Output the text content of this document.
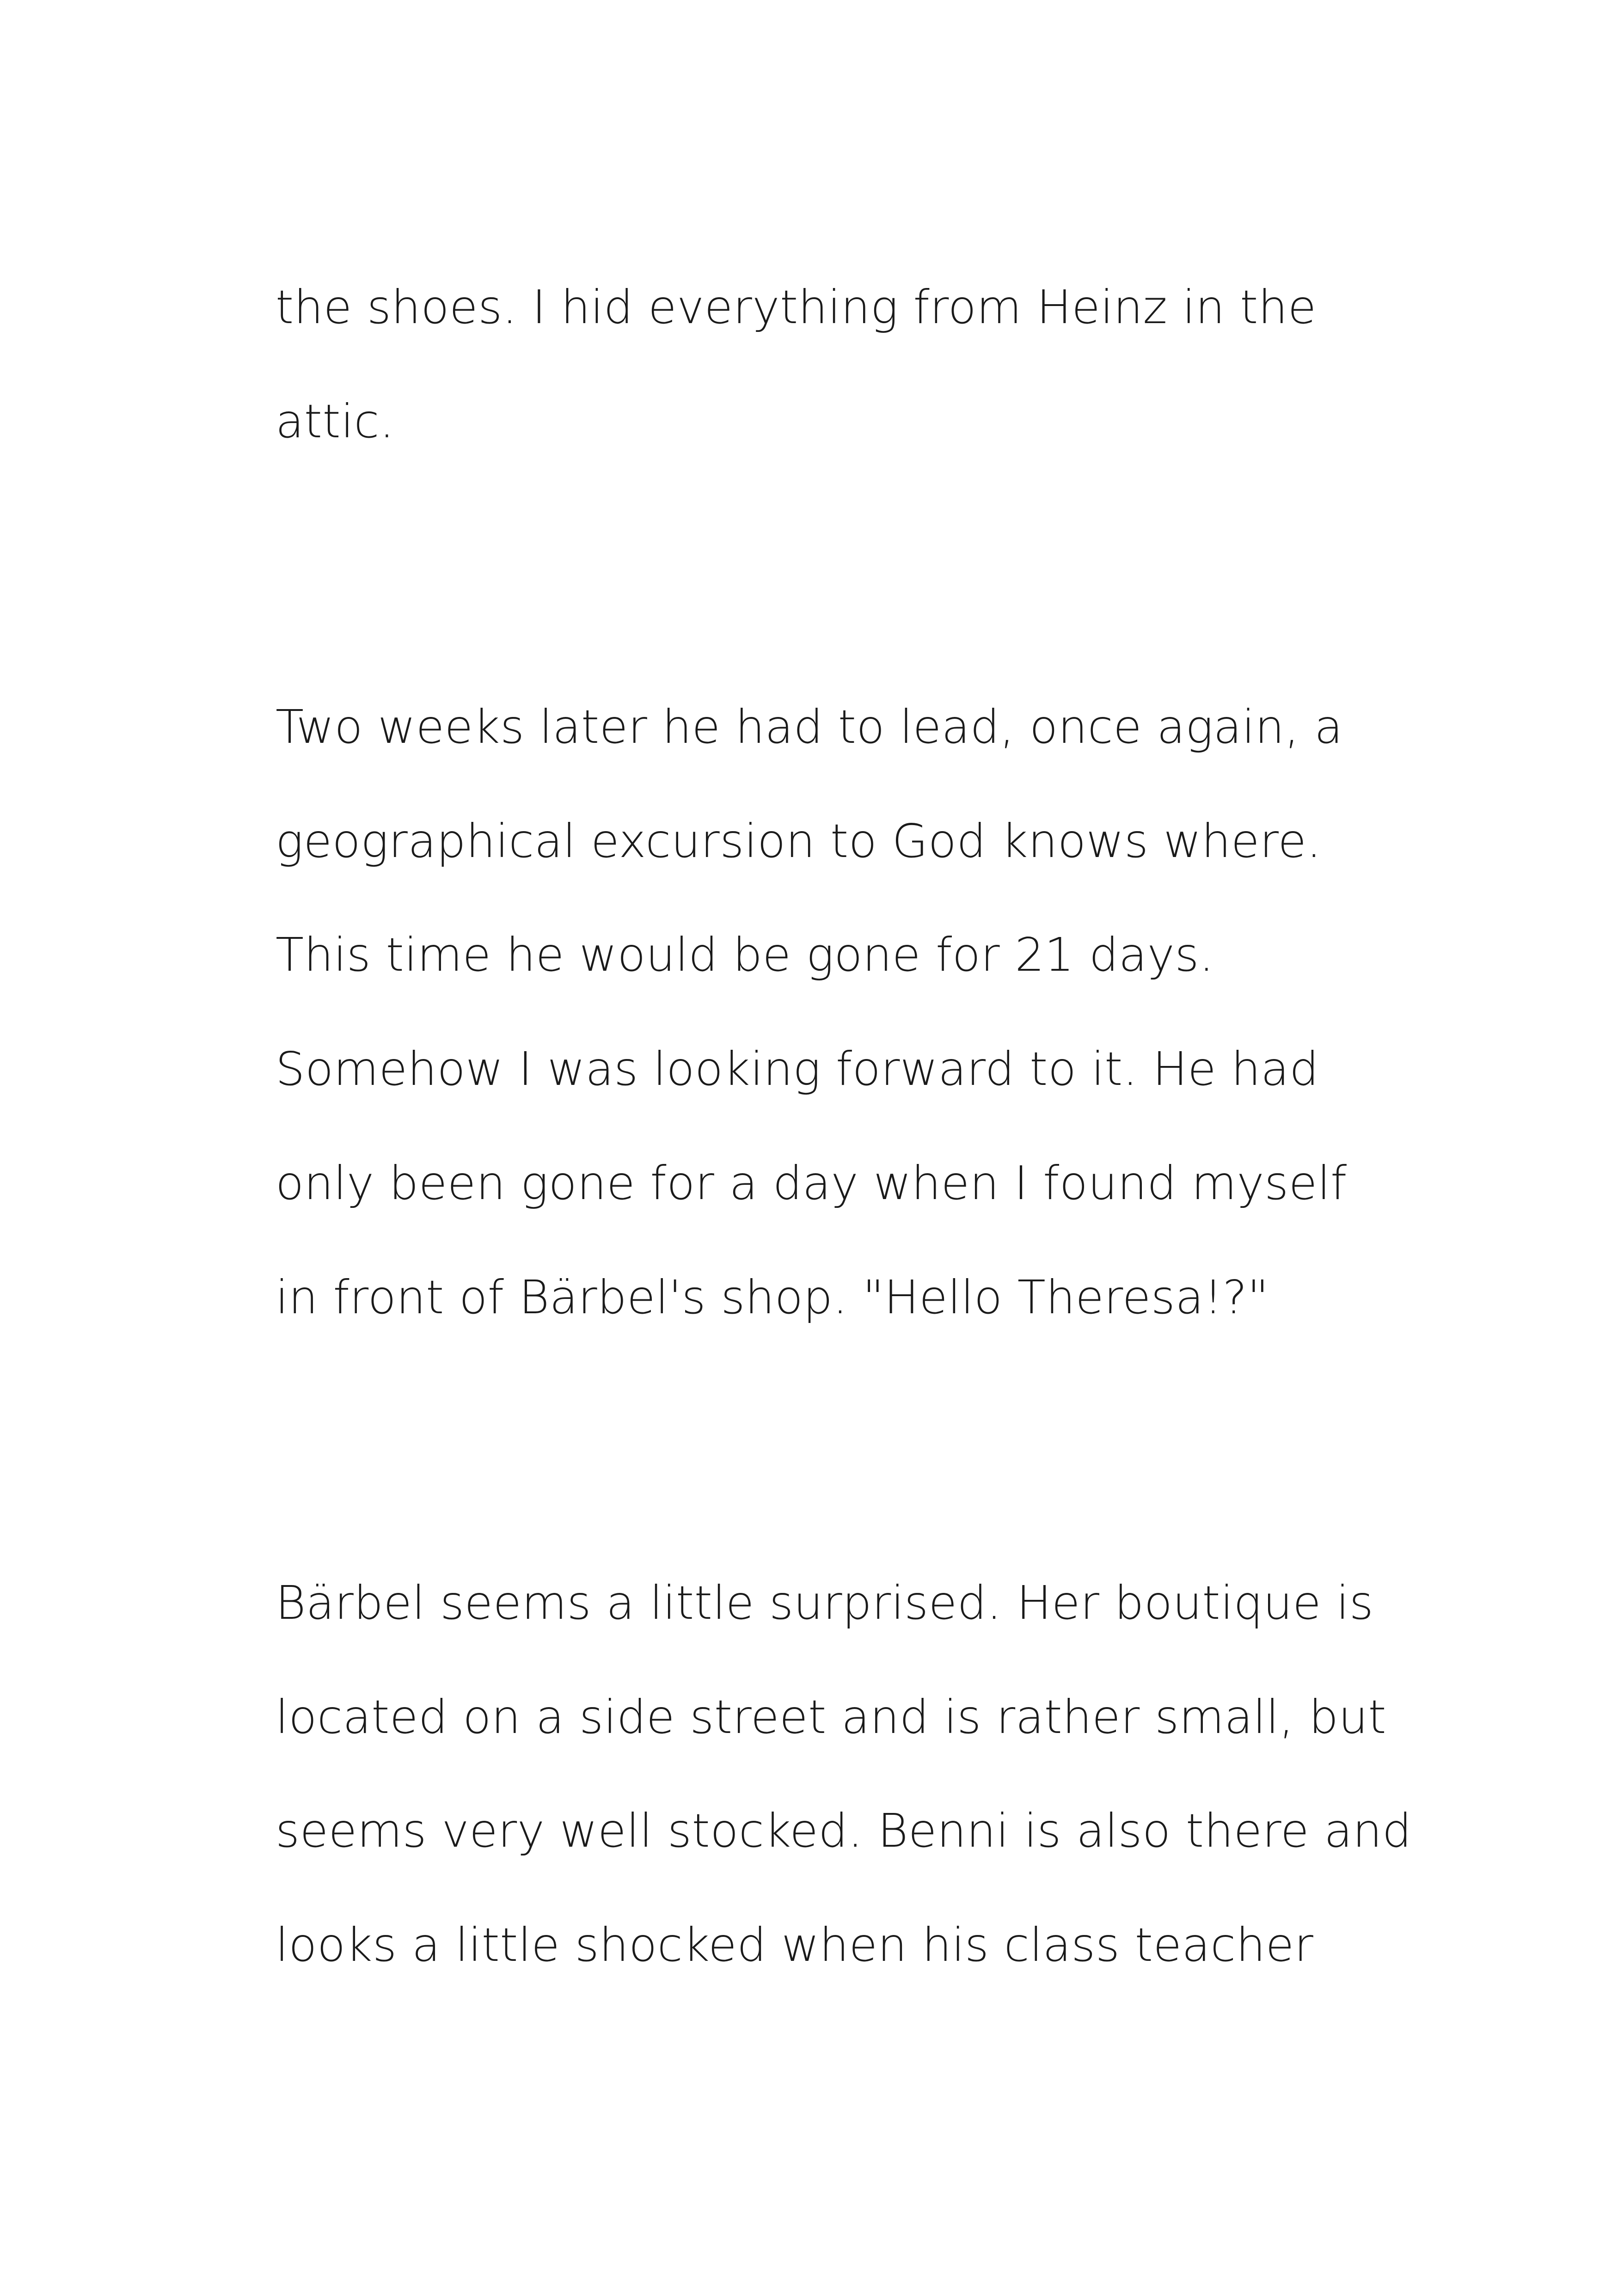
the shoes. I hid everything from Heinz in the
attic.
Two weeks later he had to lead, once again, a
geographical excursion to God knows where.
This time he would be gone for 21 days.
Somehow I was looking forward to it. He had
only been gone for a day when I found myself
in front of Bärbel's shop. "Hello Theresa!?"
Bärbel seems a little surprised. Her boutique is
located on a side street and is rather small, but
seems very well stocked. Benni is also there and
looks a little shocked when his class teacher
